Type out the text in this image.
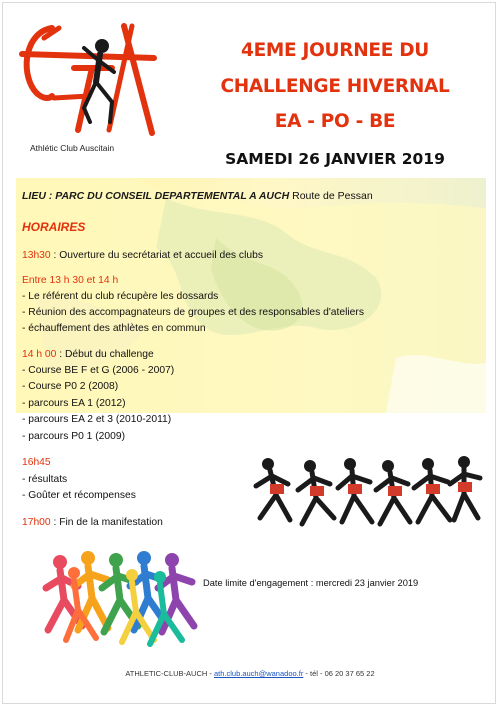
Athlétic Club Auscitain
4EME JOURNEE DU
CHALLENGE HIVERNAL
EA - PO - BE
SAMEDI 26 JANVIER 2019
LIEU : PARC DU CONSEIL DEPARTEMENTAL A AUCH Route de Pessan
HORAIRES
13h30 : Ouverture du secrétariat et accueil des clubs
Entre 13 h 30 et 14 h
- Le référent du club récupère les dossards
- Réunion des accompagnateurs de groupes et des responsables d'ateliers
- échauffement des athlètes en commun
14 h 00 : Début du challenge
- Course BE F et G (2006 - 2007)
- Course P0 2 (2008)
- parcours EA 1 (2012)
- parcours EA 2 et 3 (2010-2011)
- parcours P0 1 (2009)
16h45
- résultats
- Goûter et récompenses
17h00 : Fin de la manifestation
Date limite d'engagement : mercredi 23 janvier 2019
ATHLETIC-CLUB-AUCH - ath.club.auch@wanadoo.fr - tél - 06 20 37 65 22
